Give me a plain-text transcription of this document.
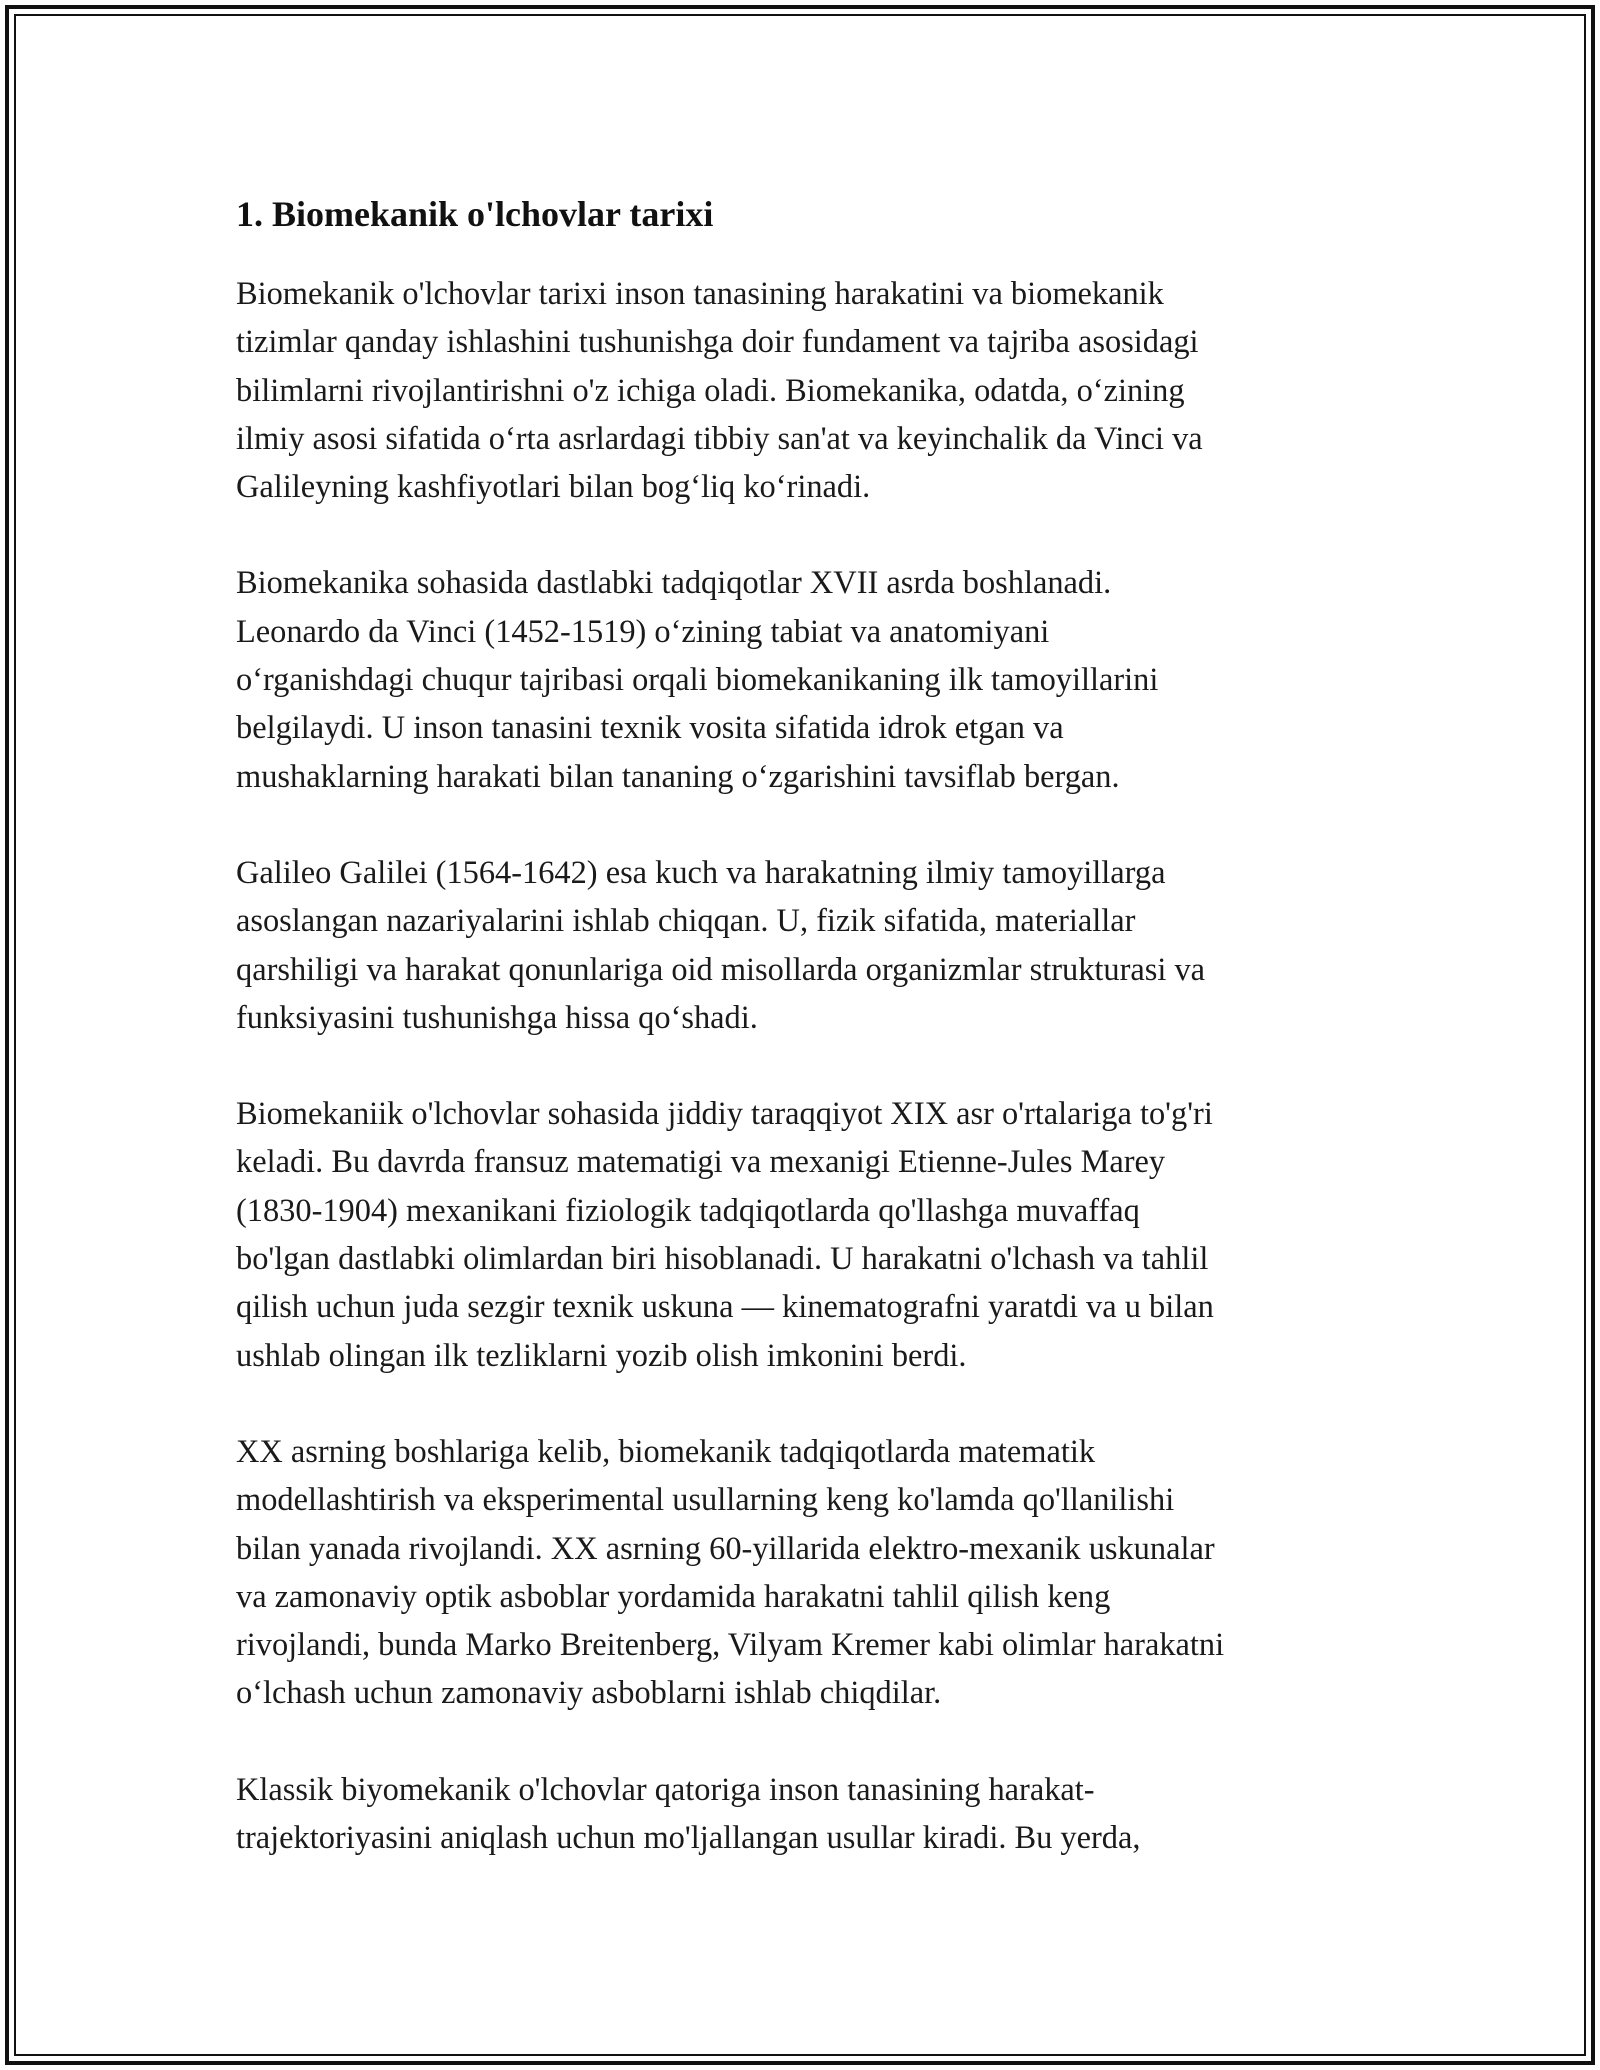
1. Biomekanik o'lchovlar tarixi

Biomekanik o'lchovlar tarixi inson tanasining harakatini va biomekanik
tizimlar qanday ishlashini tushunishga doir fundament va tajriba asosidagi
bilimlarni rivojlantirishni o'z ichiga oladi. Biomekanika, odatda, o‘zining
ilmiy asosi sifatida o‘rta asrlardagi tibbiy san'at va keyinchalik da Vinci va
Galileyning kashfiyotlari bilan bog‘liq ko‘rinadi.

Biomekanika sohasida dastlabki tadqiqotlar XVII asrda boshlanadi.
Leonardo da Vinci (1452-1519) o‘zining tabiat va anatomiyani
o‘rganishdagi chuqur tajribasi orqali biomekanikaning ilk tamoyillarini
belgilaydi. U inson tanasini texnik vosita sifatida idrok etgan va
mushaklarning harakati bilan tananing o‘zgarishini tavsiflab bergan.

Galileo Galilei (1564-1642) esa kuch va harakatning ilmiy tamoyillarga
asoslangan nazariyalarini ishlab chiqqan. U, fizik sifatida, materiallar
qarshiligi va harakat qonunlariga oid misollarda organizmlar strukturasi va
funksiyasini tushunishga hissa qo‘shadi.

Biomekaniik o'lchovlar sohasida jiddiy taraqqiyot XIX asr o'rtalariga to'g'ri
keladi. Bu davrda fransuz matematigi va mexanigi Etienne-Jules Marey
(1830-1904) mexanikani fiziologik tadqiqotlarda qo'llashga muvaffaq
bo'lgan dastlabki olimlardan biri hisoblanadi. U harakatni o'lchash va tahlil
qilish uchun juda sezgir texnik uskuna — kinematografni yaratdi va u bilan
ushlab olingan ilk tezliklarni yozib olish imkonini berdi.

XX asrning boshlariga kelib, biomekanik tadqiqotlarda matematik
modellashtirish va eksperimental usullarning keng ko'lamda qo'llanilishi
bilan yanada rivojlandi. XX asrning 60-yillarida elektro-mexanik uskunalar
va zamonaviy optik asboblar yordamida harakatni tahlil qilish keng
rivojlandi, bunda Marko Breitenberg, Vilyam Kremer kabi olimlar harakatni
o‘lchash uchun zamonaviy asboblarni ishlab chiqdilar.

Klassik biyomekanik o'lchovlar qatoriga inson tanasining harakat-
trajektoriyasini aniqlash uchun mo'ljallangan usullar kiradi. Bu yerda,
